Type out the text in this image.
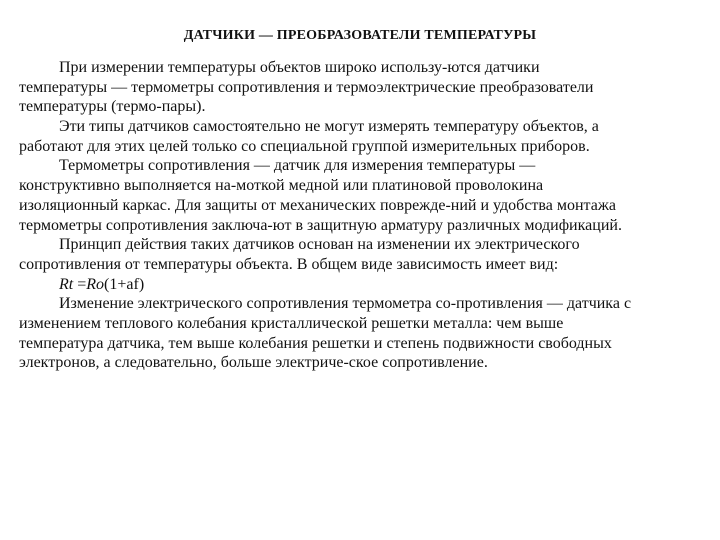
ДАТЧИКИ — ПРЕОБРАЗОВАТЕЛИ ТЕМПЕРАТУРЫ
При измерении температуры объектов широко использу-ются датчики
температуры — термометры сопротивления и термоэлектрические преобразователи
температуры (термо-пары).
Эти типы датчиков самостоятельно не могут измерять температуру объектов, а
работают для этих целей только со специальной группой измерительных приборов.
Термометры сопротивления — датчик для измерения температуры —
конструктивно выполняется на-моткой медной или платиновой проволокина
изоляционный каркас. Для защиты от механических поврежде-ний и удобства монтажа
термометры сопротивления заключа-ют в защитную арматуру различных модификаций.
Принцип действия таких датчиков основан на изменении их электрического
сопротивления от температуры объекта. В общем виде зависимость имеет вид:
Rt =Ro(1+af)
Изменение электрического сопротивления термометра со-противления — датчика с
изменением теплового колебания кристаллической решетки металла: чем выше
температура датчика, тем выше колебания решетки и степень подвижности свободных
электронов, а следовательно, больше электриче-ское сопротивление.
